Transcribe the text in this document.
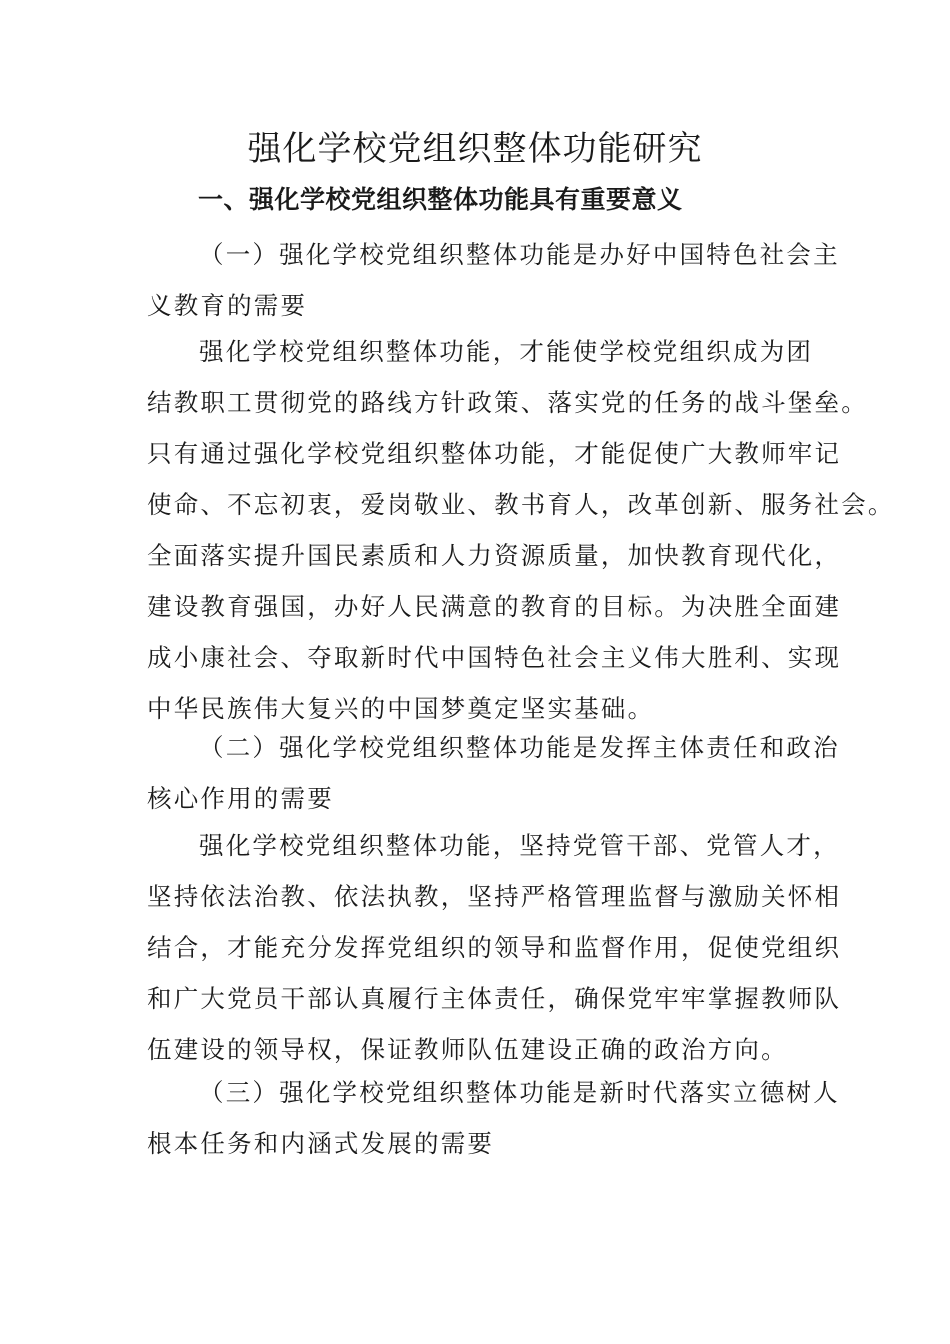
强化学校党组织整体功能研究
一、强化学校党组织整体功能具有重要意义
（一）强化学校党组织整体功能是办好中国特色社会主
义教育的需要
强化学校党组织整体功能，才能使学校党组织成为团
结教职工贯彻党的路线方针政策、落实党的任务的战斗堡垒。
只有通过强化学校党组织整体功能，才能促使广大教师牢记
使命、不忘初衷，爱岗敬业、教书育人，改革创新、服务社会。
全面落实提升国民素质和人力资源质量，加快教育现代化，
建设教育强国，办好人民满意的教育的目标。为决胜全面建
成小康社会、夺取新时代中国特色社会主义伟大胜利、实现
中华民族伟大复兴的中国梦奠定坚实基础。
（二）强化学校党组织整体功能是发挥主体责任和政治
核心作用的需要
强化学校党组织整体功能，坚持党管干部、党管人才，
坚持依法治教、依法执教，坚持严格管理监督与激励关怀相
结合，才能充分发挥党组织的领导和监督作用，促使党组织
和广大党员干部认真履行主体责任，确保党牢牢掌握教师队
伍建设的领导权，保证教师队伍建设正确的政治方向。
（三）强化学校党组织整体功能是新时代落实立德树人
根本任务和内涵式发展的需要
